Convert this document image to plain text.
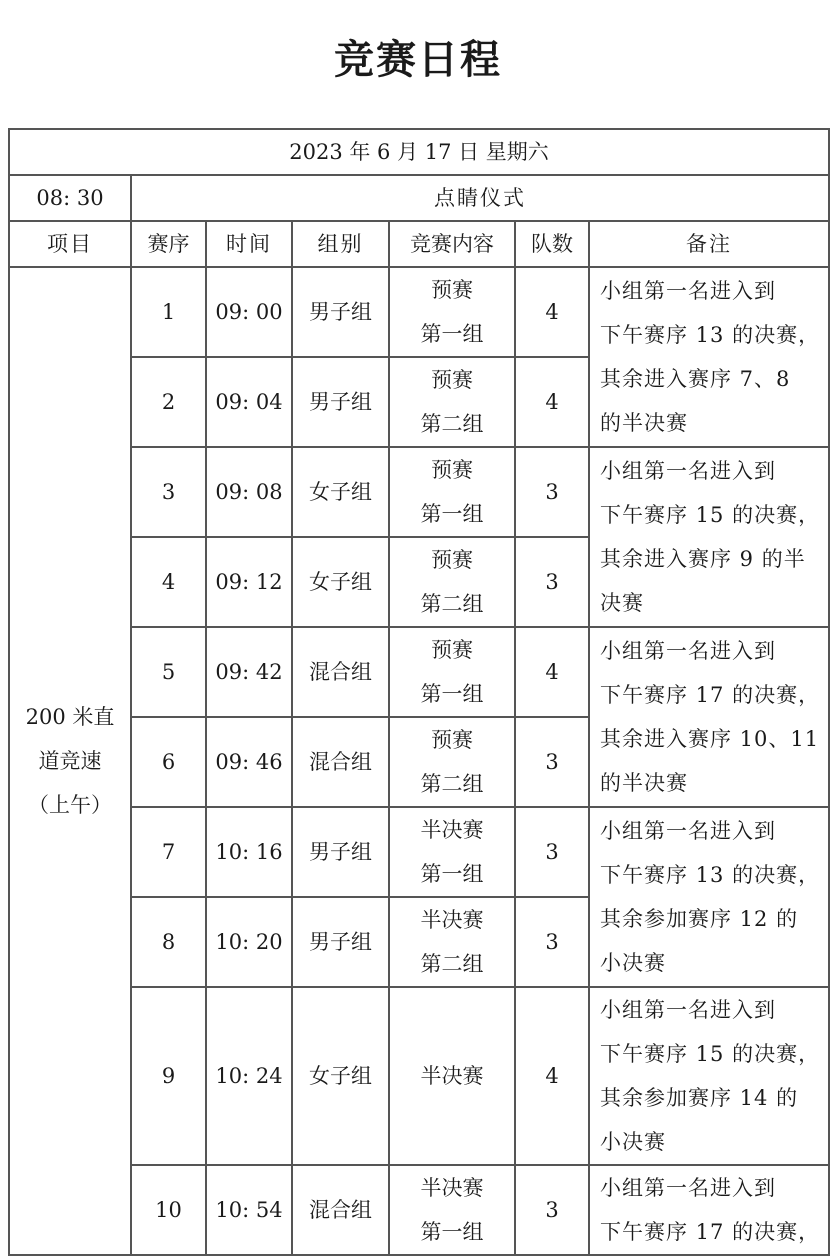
竞赛日程
2023 年 6 月 17 日 星期六						
08: 30	点睛仪式					
项目	赛序	时间	组别	竞赛内容	队数	备注

200 米直
道竞速
（上午）	1	09: 00	男子组	预赛
第一组	4	小组第一名进入到
下午赛序 13 的决赛，
其余进入赛序 7、8
的半决赛

	2	09: 04	男子组	预赛
第二组	4	
	3	09: 08	女子组	预赛
第一组	3	小组第一名进入到
下午赛序 15 的决赛，
其余进入赛序 9 的半
决赛

	4	09: 12	女子组	预赛
第二组	3	
	5	09: 42	混合组	预赛
第一组	4	小组第一名进入到
下午赛序 17 的决赛，
其余进入赛序 10、11
的半决赛

	6	09: 46	混合组	预赛
第二组	3	
	7	10: 16	男子组	半决赛
第一组	3	小组第一名进入到
下午赛序 13 的决赛，
其余参加赛序 12 的
小决赛

	8	10: 20	男子组	半决赛
第二组	3	
	9	10: 24	女子组	半决赛	4	小组第一名进入到
下午赛序 15 的决赛，
其余参加赛序 14 的
小决赛

	10	10: 54	混合组	半决赛
第一组	3	小组第一名进入到
下午赛序 17 的决赛，
